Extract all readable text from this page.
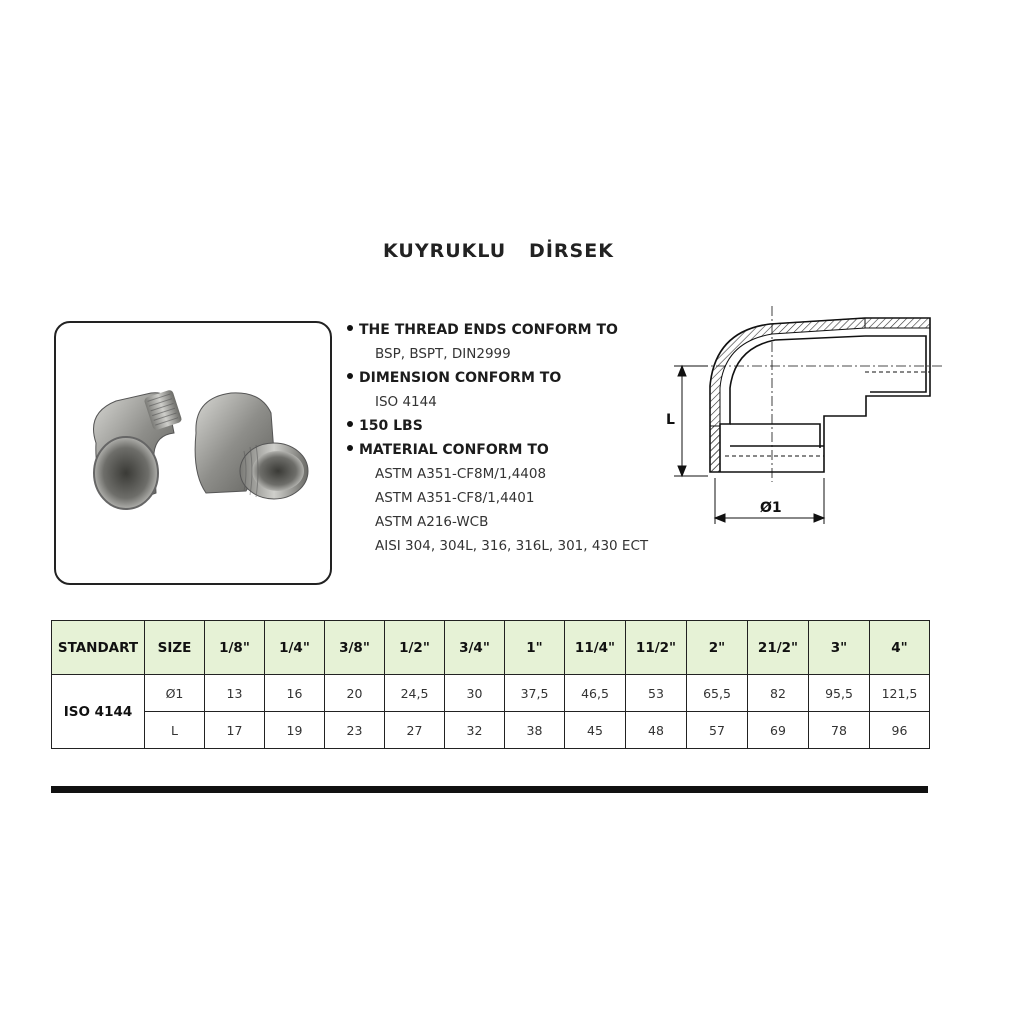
KUYRUKLU   DİRSEK
THE THREAD ENDS CONFORM TO
BSP, BSPT, DIN2999
DIMENSION CONFORM TO
ISO 4144
150 LBS
MATERIAL CONFORM TO
ASTM A351-CF8M/1,4408
ASTM A351-CF8/1,4401
ASTM A216-WCB
AISI 304, 304L, 316, 316L, 301, 430 ECT
L
Ø1
STANDART	SIZE	1/8"	1/4"	3/8"	1/2"	3/4"	1"	11/4"	11/2"	2"	21/2"	3"	4"
ISO 4144	Ø1	13	16	20	24,5	30	37,5	46,5	53	65,5	82	95,5	121,5
	L	17	19	23	27	32	38	45	48	57	69	78	96
